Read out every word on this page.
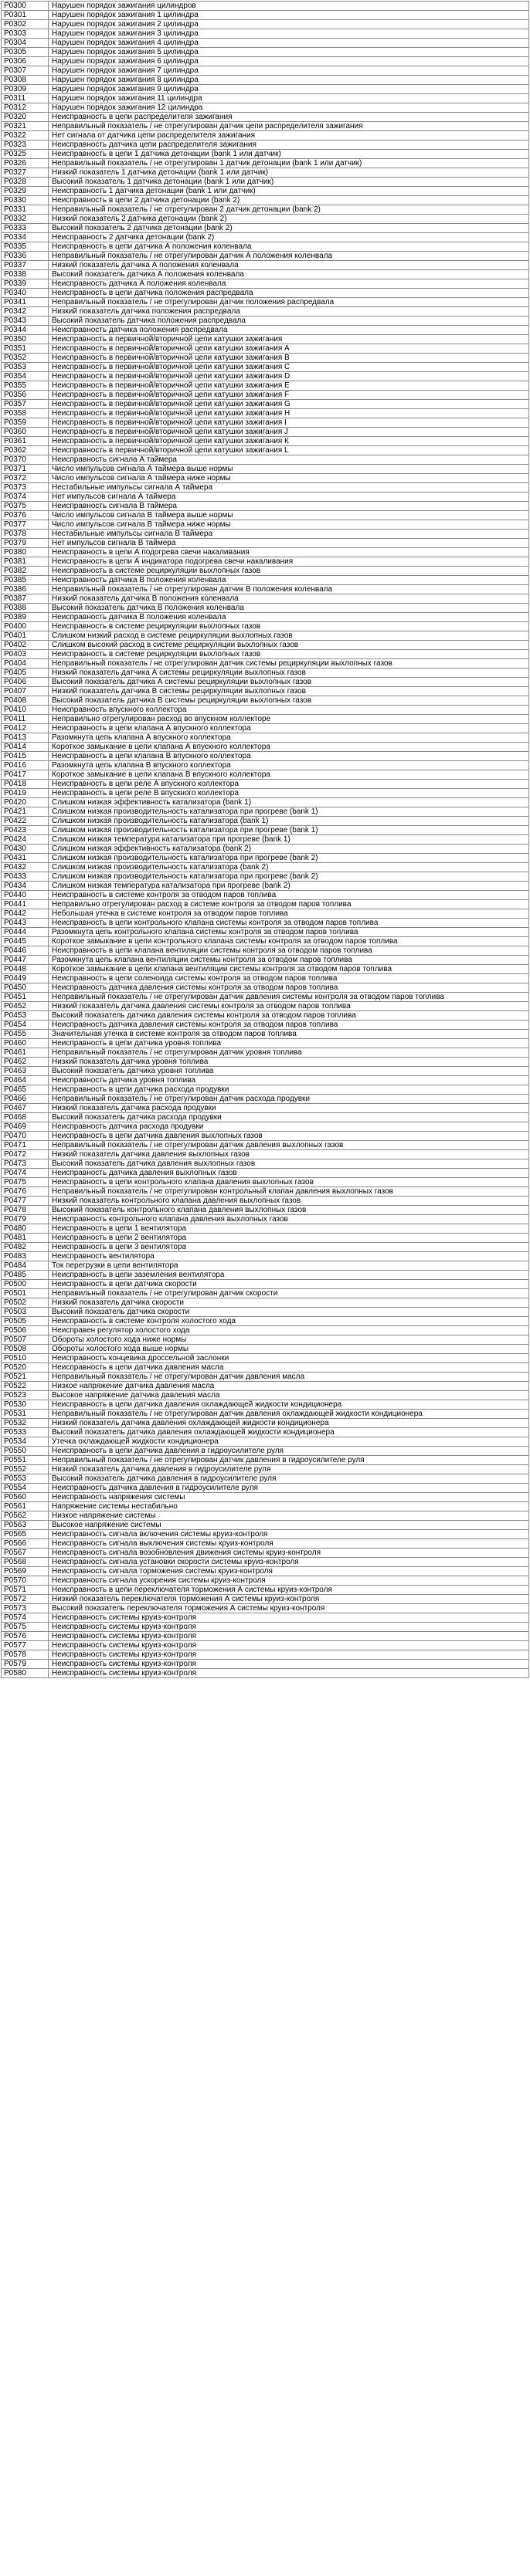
P0300	Нарушен порядок зажигания цилиндров
P0301	Нарушен порядок зажигания 1 цилиндра
P0302	Нарушен порядок зажигания 2 цилиндра
P0303	Нарушен порядок зажигания 3 цилиндра
P0304	Нарушен порядок зажигания 4 цилиндра
P0305	Нарушен порядок зажигания 5 цилиндра
P0306	Нарушен порядок зажигания 6 цилиндра
P0307	Нарушен порядок зажигания 7 цилиндра
P0308	Нарушен порядок зажигания 8 цилиндра
P0309	Нарушен порядок зажигания 9 цилиндра
P0311	Нарушен порядок зажигания 11 цилиндра
P0312	Нарушен порядок зажигания 12 цилиндра
P0320	Неисправность в цепи распределителя зажигания
P0321	Неправильный показатель / не отрегулирован датчик цепи распределителя зажигания
P0322	Нет сигнала от датчика цепи распределителя зажигания
P0323	Неисправность датчика цепи распределителя зажигания
P0325	Неисправность в цепи 1 датчика детонации (bank 1 или датчик)
P0326	Неправильный показатель / не отрегулирован 1 датчик детонации (bank 1 или датчик)
P0327	Низкий показатель 1 датчика детонации (bank 1 или датчик)
P0328	Высокий показатель 1 датчика детонации (bank 1 или датчик)
P0329	Неисправность 1 датчика детонации (bank 1 или датчик)
P0330	Неисправность в цепи 2 датчика детонации (bank 2)
P0331	Неправильный показатель / не отрегулирован 2 датчик детонации (bank 2)
P0332	Низкий показатель 2 датчика детонации (bank 2)
P0333	Высокий показатель 2 датчика детонации (bank 2)
P0334	Неисправность 2 датчика детонации (bank 2)
P0335	Неисправность в цепи датчика А положения коленвала
P0336	Неправильный показатель / не отрегулирован датчик А положения коленвала
P0337	Низкий показатель датчика А положения коленвала
P0338	Высокий показатель датчика А положения коленвала
P0339	Неисправность датчика А положения коленвала
P0340	Неисправность в цепи датчика положения распредвала
P0341	Неправильный показатель / не отрегулирован датчик положения распредвала
P0342	Низкий показатель датчика положения распредвала
P0343	Высокий показатель датчика положения распредвала
P0344	Неисправность датчика положения распредвала
P0350	Неисправность в первичной/вторичной цепи катушки зажигания
P0351	Неисправность в первичной/вторичной цепи катушки зажигания А
P0352	Неисправность в первичной/вторичной цепи катушки зажигания В
P0353	Неисправность в первичной/вторичной цепи катушки зажигания С
P0354	Неисправность в первичной/вторичной цепи катушки зажигания D
P0355	Неисправность в первичной/вторичной цепи катушки зажигания Е
P0356	Неисправность в первичной/вторичной цепи катушки зажигания F
P0357	Неисправность в первичной/вторичной цепи катушки зажигания G
P0358	Неисправность в первичной/вторичной цепи катушки зажигания Н
P0359	Неисправность в первичной/вторичной цепи катушки зажигания I
P0360	Неисправность в первичной/вторичной цепи катушки зажигания J
P0361	Неисправность в первичной/вторичной цепи катушки зажигания К
P0362	Неисправность в первичной/вторичной цепи катушки зажигания L
P0370	Неисправность сигнала А таймера
P0371	Число импульсов сигнала А таймера выше нормы
P0372	Число импульсов сигнала А таймера ниже нормы
P0373	Нестабильные импульсы сигнала А таймера
P0374	Нет импульсов сигнала А таймера
P0375	Неисправность сигнала В таймера
P0376	Число импульсов сигнала В таймера выше нормы
P0377	Число импульсов сигнала В таймера ниже нормы
P0378	Нестабильные импульсы сигнала В таймера
P0379	Нет импульсов сигнала В таймера
P0380	Неисправность в цепи А подогрева свечи накаливания
P0381	Неисправность в цепи А индикатора подогрева свечи накаливания
P0382	Неисправность в системе рециркуляции выхлопных газов
P0385	Неисправность датчика В положения коленвала
P0386	Неправильный показатель / не отрегулирован датчик В положения коленвала
P0387	Низкий показатель датчика В положения коленвала
P0388	Высокий показатель датчика В положения коленвала
P0389	Неисправность датчика В положения коленвала
P0400	Неисправность в системе рециркуляции выхлопных газов
P0401	Слишком низкий расход в системе рециркуляции выхлопных газов
P0402	Слишком высокий расход в системе рециркуляции выхлопных газов
P0403	Неисправность в системе рециркуляции выхлопных газов
P0404	Неправильный показатель / не отрегулирован датчик системы рециркуляции выхлопных газов

P0405	Низкий показатель датчика А системы рециркуляции выхлопных газов
P0406	Высокий показатель датчика А системы рециркуляции выхлопных газов
P0407	Низкий показатель датчика В системы рециркуляции выхлопных газов
P0408	Высокий показатель датчика В системы рециркуляции выхлопных газов
P0410	Неисправность впускного коллектора
P0411	Неправильно отрегулирован расход во впускном коллекторе
P0412	Неисправность в цепи клапана А впускного коллектора
P0413	Разомкнута цепь клапана А впускного коллектора
P0414	Короткое замыкание в цепи клапана А впускного коллектора
P0415	Неисправность в цепи клапана В впускного коллектора
P0416	Разомкнута цепь клапана В впускного коллектора
P0417	Короткое замыкание в цепи клапана В впускного коллектора
P0418	Неисправность в цепи реле А впускного коллектора
P0419	Неисправность в цепи реле В впускного коллектора
P0420	Слишком низкая эффективность катализатора (bank 1)
P0421	Слишком низкая производительность катализатора при прогреве (bank 1)
P0422	Слишком низкая производительность катализатора (bank 1)
P0423	Слишком низкая производительность катализатора при прогреве (bank 1)
P0424	Слишком низкая температура катализатора при прогреве (bank 1)
P0430	Слишком низкая эффективность катализатора (bank 2)
P0431	Слишком низкая производительность катализатора при прогреве (bank 2)
P0432	Слишком низкая производительность катализатора (bank 2)
P0433	Слишком низкая производительность катализатора при прогреве (bank 2)
P0434	Слишком низкая температура катализатора при прогреве (bank 2)
P0440	Неисправность в системе контроля за отводом паров топлива
P0441	Неправильно отрегулирован расход в системе контроля за отводом паров топлива
P0442	Небольшая утечка в системе контроля за отводом паров топлива
P0443	Неисправность в цепи контрольного клапана системы контроля за отводом паров топлива
P0444	Разомкнута цепь контрольного клапана системы контроля за отводом паров топлива
P0445	Короткое замыкание в цепи контрольного клапана системы контроля за отводом паров топлива

P0446	Неисправность в цепи клапана вентиляции системы контроля за отводом паров топлива
P0447	Разомкнута цепь клапана вентиляции системы контроля за отводом паров топлива
P0448	Короткое замыкание в цепи клапана вентиляции системы контроля за отводом паров топлива

P0449	Неисправность в цепи соленоида системы контроля за отводом паров топлива
P0450	Неисправность датчика давления системы контроля за отводом паров топлива
P0451	Неправильный показатель / не отрегулирован датчик давления системы контроля за отводом паров топлива
P0452	Низкий показатель датчика давления системы контроля за отводом паров топлива
P0453	Высокий показатель датчика давления системы контроля за отводом паров топлива
P0454	Неисправность датчика давления системы контроля за отводом паров топлива
P0455	Значительная утечка в системе контроля за отводом паров топлива
P0460	Неисправность в цепи датчика уровня топлива
P0461	Неправильный показатель / не отрегулирован датчик уровня топлива
P0462	Низкий показатель датчика уровня топлива
P0463	Высокий показатель датчика уровня топлива
P0464	Неисправность датчика уровня топлива
P0465	Неисправность в цепи датчика расхода продувки
P0466	Неправильный показатель / не отрегулирован датчик расхода продувки
P0467	Низкий показатель датчика расхода продувки
P0468	Высокий показатель датчика расхода продувки
P0469	Неисправность датчика расхода продувки
P0470	Неисправность в цепи датчика давления выхлопных газов
P0471	Неправильный показатель / не отрегулирован датчик давления выхлопных газов
P0472	Низкий показатель датчика давления выхлопных газов
P0473	Высокий показатель датчика давления выхлопных газов
P0474	Неисправность датчика давления выхлопных газов
P0475	Неисправность в цепи контрольного клапана давления выхлопных газов
P0476	Неправильный показатель / не отрегулирован контрольный клапан давления выхлопных газов

P0477	Низкий показатель контрольного клапана давления выхлопных газов
P0478	Высокий показатель контрольного клапана давления выхлопных газов
P0479	Неисправность контрольного клапана давления выхлопных газов
P0480	Неисправность в цепи 1 вентилятора
P0481	Неисправность в цепи 2 вентилятора
P0482	Неисправность в цепи 3 вентилятора
P0483	Неисправность вентилятора
P0484	Ток перегрузки в цепи вентилятора
P0485	Неисправность в цепи заземления вентилятора
P0500	Неисправность в цепи датчика скорости
P0501	Неправильный показатель / не отрегулирован датчик скорости
P0502	Низкий показатель датчика скорости
P0503	Высокий показатель датчика скорости
P0505	Неисправность в системе контроля холостого хода
P0506	Неисправен регулятор холостого хода
P0507	Обороты холостого хода ниже нормы
P0508	Обороты холостого хода выше нормы
P0510	Неисправность концевика дроссельной заслонки
P0520	Неисправность в цепи датчика давления масла
P0521	Неправильный показатель / не отрегулирован датчик давления масла
P0522	Низкое напряжение датчика давления масла
P0523	Высокое напряжение датчика давления масла
P0530	Неисправность в цепи датчика давления охлаждающей жидкости кондиционера
P0531	Неправильный показатель / не отрегулирован датчик давления охлаждающей жидкости кондиционера
P0532	Низкий показатель датчика давления охлаждающей жидкости кондиционера
P0533	Высокий показатель датчика давления охлаждающей жидкости кондиционера
P0534	Утечка охлаждающей жидкости кондиционера
P0550	Неисправность в цепи датчика давления в гидроусилителе руля
P0551	Неправильный показатель / не отрегулирован датчик давления в гидроусилителе руля
P0552	Низкий показатель датчика давления в гидроусилителе руля
P0553	Высокий показатель датчика давления в гидроусилителе руля
P0554	Неисправность датчика давления в гидроусилителе руля
P0560	Неисправность напряжения системы
P0561	Напряжение системы нестабильно
P0562	Низкое напряжение системы
P0563	Высокое напряжение системы
P0565	Неисправность сигнала включения системы круиз-контроля
P0566	Неисправность сигнала выключения системы круиз-контроля
P0567	Неисправность сигнала возобновления движения системы круиз-контроля
P0568	Неисправность сигнала установки скорости системы круиз-контроля
P0569	Неисправность сигнала торможения системы круиз-контроля
P0570	Неисправность сигнала ускорения системы круиз-контроля
P0571	Неисправность в цепи переключателя торможения А системы круиз-контроля
P0572	Низкий показатель переключателя торможения А системы круиз-контроля
P0573	Высокий показатель переключателя торможения А системы круиз-контроля
P0574	Неисправность системы круиз-контроля
P0575	Неисправность системы круиз-контроля
P0576	Неисправность системы круиз-контроля
P0577	Неисправность системы круиз-контроля
P0578	Неисправность системы круиз-контроля
P0579	Неисправность системы круиз-контроля
P0580	Неисправность системы круиз-контроля
